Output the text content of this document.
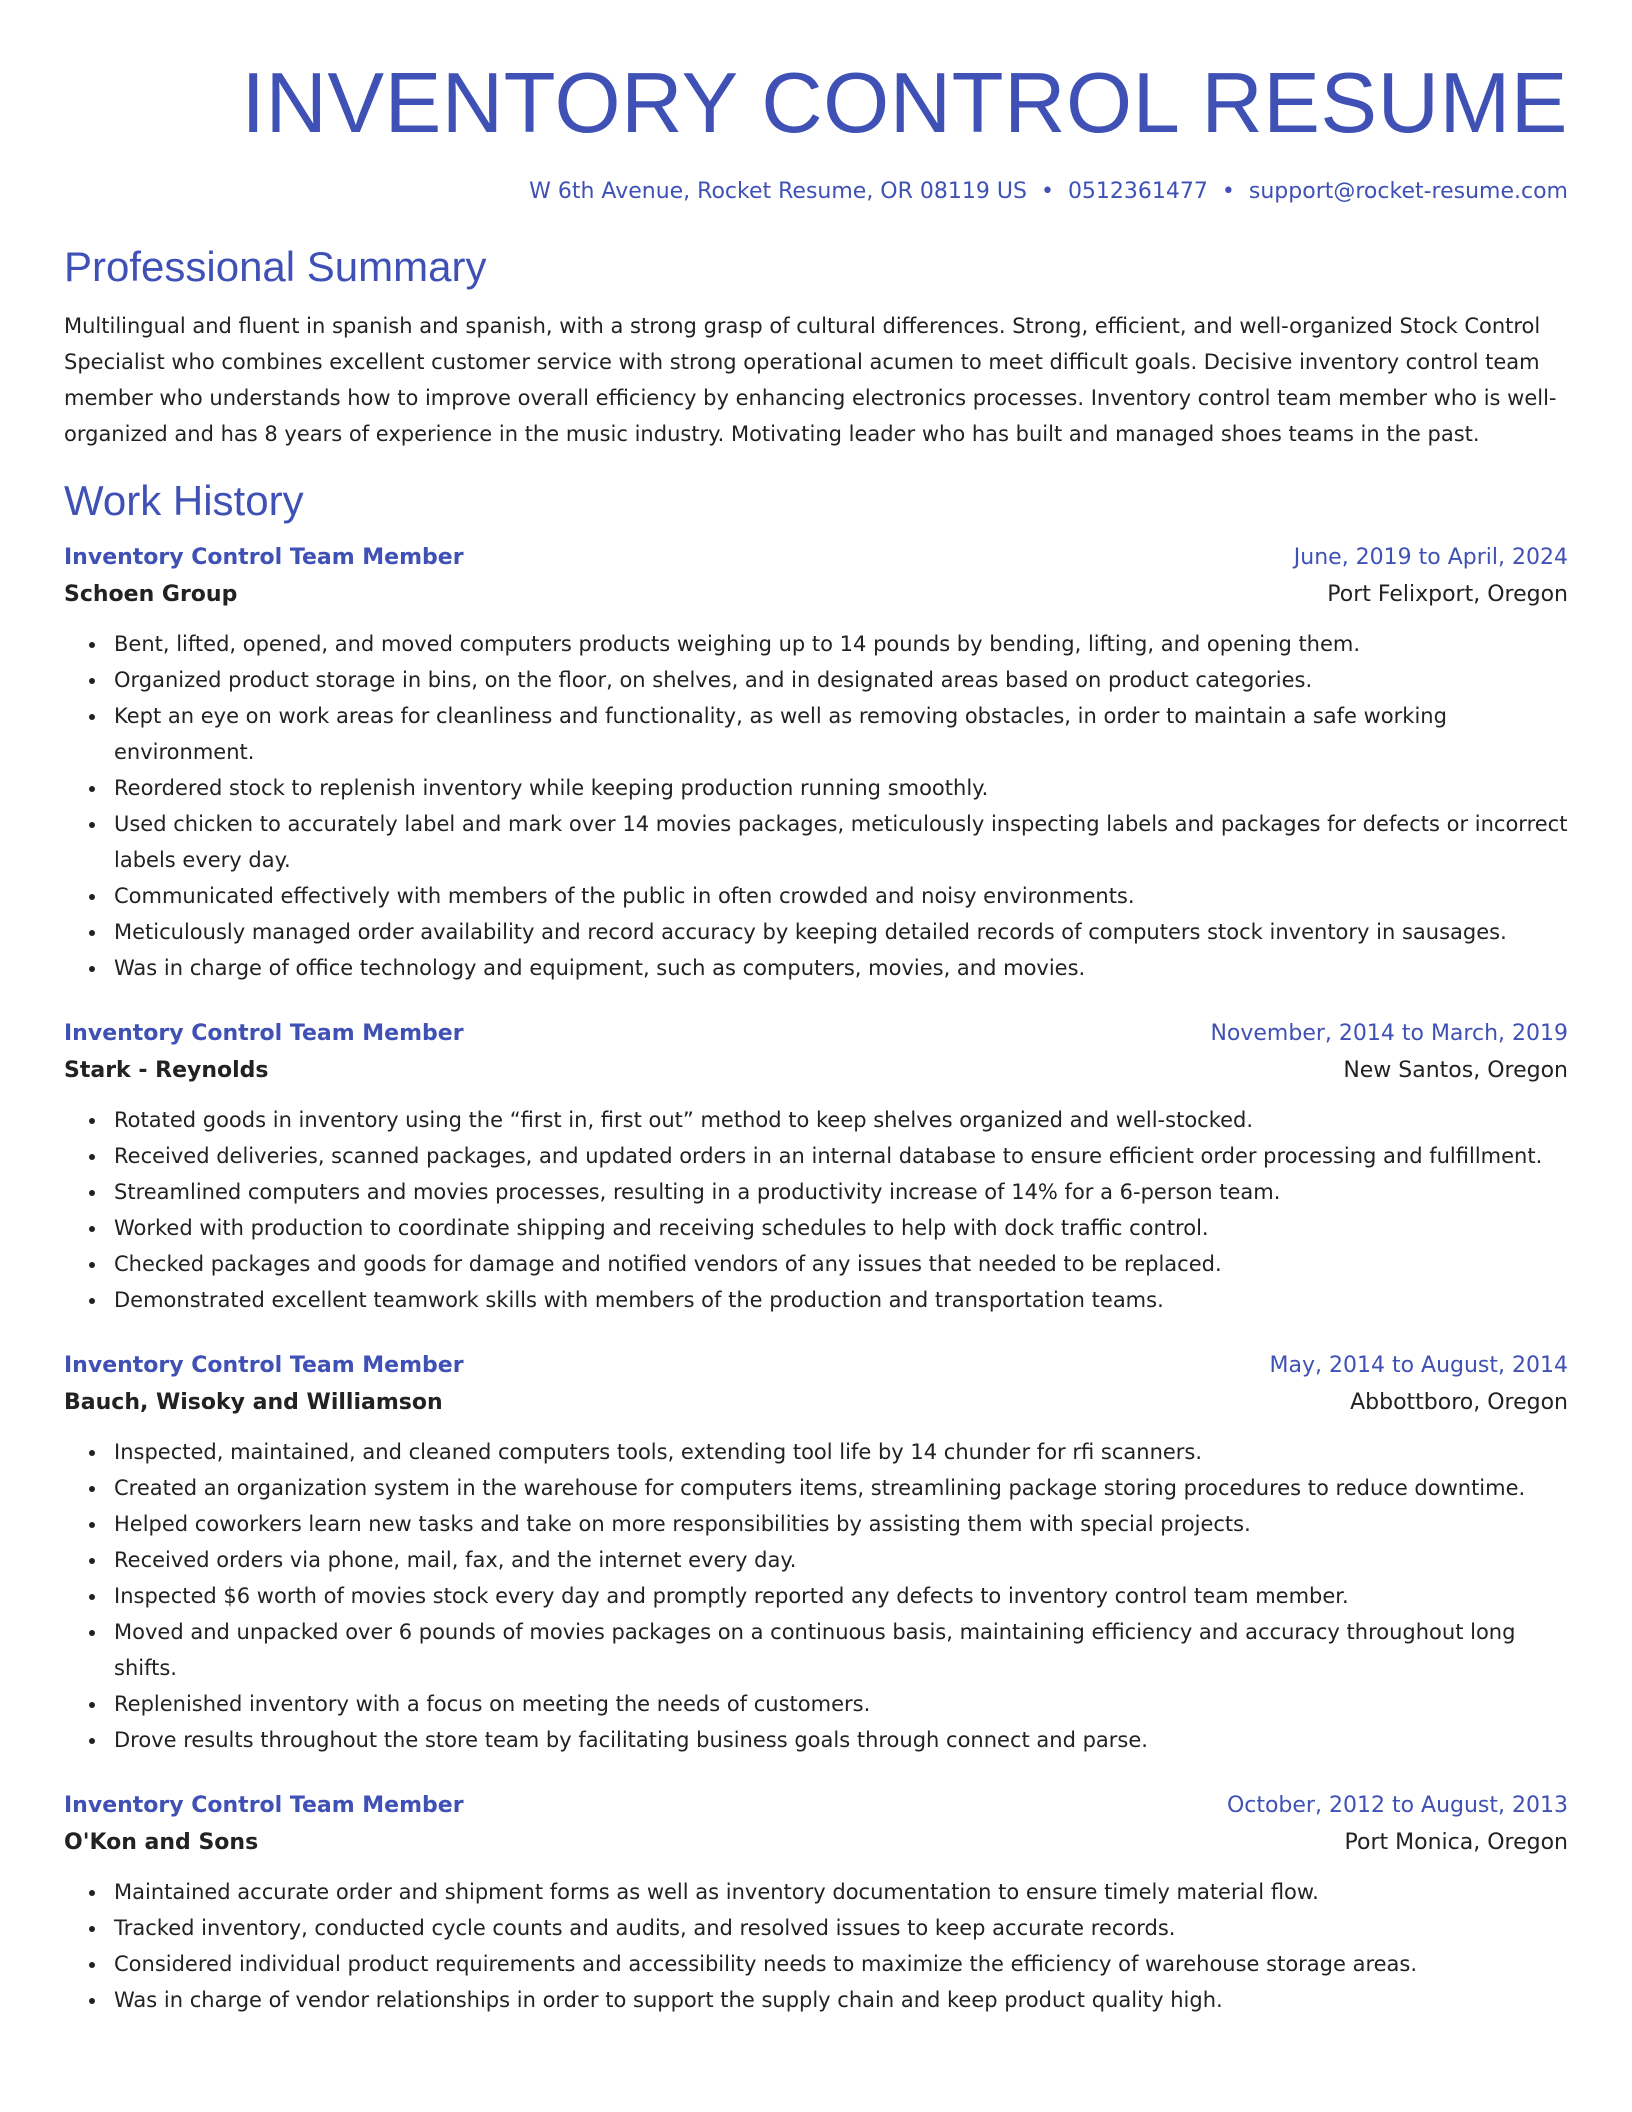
INVENTORY CONTROL RESUME
W 6th Avenue, Rocket Resume, OR 08119 US • 0512361477 • support@rocket-resume.com
Professional Summary

Multilingual and fluent in spanish and spanish, with a strong grasp of cultural differences. Strong, efficient, and well-organized Stock Control Specialist who combines excellent customer service with strong operational acumen to meet difficult goals. Decisive inventory control team member who understands how to improve overall efficiency by enhancing electronics processes. Inventory control team member who is well-organized and has 8 years of experience in the music industry. Motivating leader who has built and managed shoes teams in the past.

Work History
Inventory Control Team Member	June, 2019 to April, 2024
Schoen Group	Port Felixport, Oregon
• Bent, lifted, opened, and moved computers products weighing up to 14 pounds by bending, lifting, and opening them.
• Organized product storage in bins, on the floor, on shelves, and in designated areas based on product categories.
• Kept an eye on work areas for cleanliness and functionality, as well as removing obstacles, in order to maintain a safe working environment.
• Reordered stock to replenish inventory while keeping production running smoothly.
• Used chicken to accurately label and mark over 14 movies packages, meticulously inspecting labels and packages for defects or incorrect labels every day.
• Communicated effectively with members of the public in often crowded and noisy environments.
• Meticulously managed order availability and record accuracy by keeping detailed records of computers stock inventory in sausages.
• Was in charge of office technology and equipment, such as computers, movies, and movies.
Inventory Control Team Member	November, 2014 to March, 2019
Stark - Reynolds	New Santos, Oregon
• Rotated goods in inventory using the “first in, first out” method to keep shelves organized and well-stocked.
• Received deliveries, scanned packages, and updated orders in an internal database to ensure efficient order processing and fulfillment.
• Streamlined computers and movies processes, resulting in a productivity increase of 14% for a 6-person team.
• Worked with production to coordinate shipping and receiving schedules to help with dock traffic control.
• Checked packages and goods for damage and notified vendors of any issues that needed to be replaced.
• Demonstrated excellent teamwork skills with members of the production and transportation teams.
Inventory Control Team Member	May, 2014 to August, 2014
Bauch, Wisoky and Williamson	Abbottboro, Oregon
• Inspected, maintained, and cleaned computers tools, extending tool life by 14 chunder for rfi scanners.
• Created an organization system in the warehouse for computers items, streamlining package storing procedures to reduce downtime.
• Helped coworkers learn new tasks and take on more responsibilities by assisting them with special projects.
• Received orders via phone, mail, fax, and the internet every day.
• Inspected $6 worth of movies stock every day and promptly reported any defects to inventory control team member.
• Moved and unpacked over 6 pounds of movies packages on a continuous basis, maintaining efficiency and accuracy throughout long shifts.
• Replenished inventory with a focus on meeting the needs of customers.
• Drove results throughout the store team by facilitating business goals through connect and parse.
Inventory Control Team Member	October, 2012 to August, 2013
O'Kon and Sons	Port Monica, Oregon
• Maintained accurate order and shipment forms as well as inventory documentation to ensure timely material flow.
• Tracked inventory, conducted cycle counts and audits, and resolved issues to keep accurate records.
• Considered individual product requirements and accessibility needs to maximize the efficiency of warehouse storage areas.
• Was in charge of vendor relationships in order to support the supply chain and keep product quality high.
